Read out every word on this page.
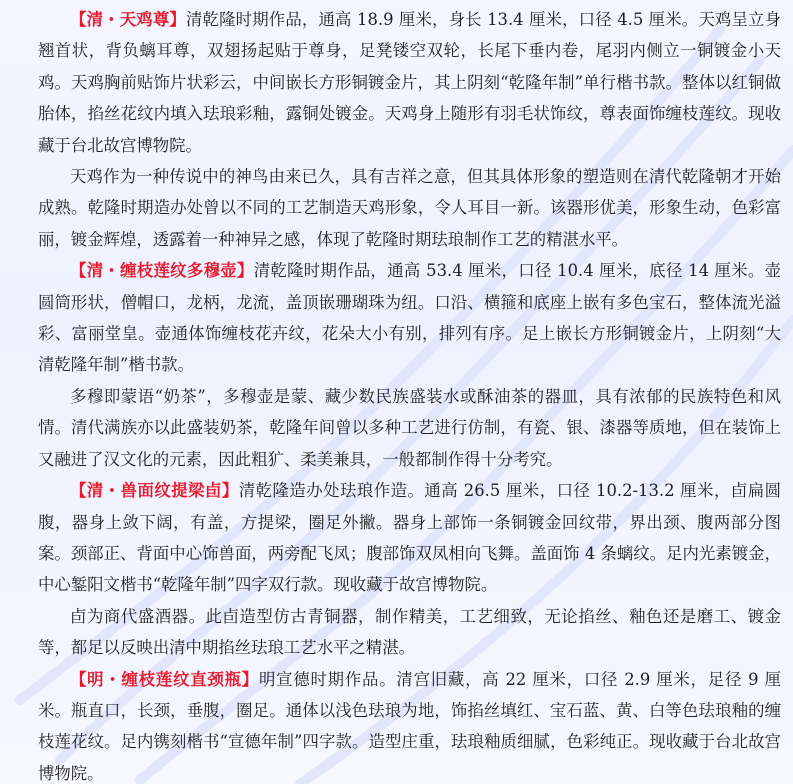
【清・天鸡尊】清乾隆时期作品，通高 18.9 厘米，身长 13.4 厘米，口径 4.5 厘米。天鸡呈立身翘首状，背负螭耳尊，双翅扬起贴于尊身，足凳镂空双轮，长尾下垂内卷，尾羽内侧立一铜镀金小天鸡。天鸡胸前贴饰片状彩云，中间嵌长方形铜镀金片，其上阴刻“乾隆年制”单行楷书款。整体以红铜做胎体，掐丝花纹内填入珐琅彩釉，露铜处镀金。天鸡身上随形有羽毛状饰纹，尊表面饰缠枝莲纹。现收藏于台北故宫博物院。

天鸡作为一种传说中的神鸟由来已久，具有吉祥之意，但其具体形象的塑造则在清代乾隆朝才开始成熟。乾隆时期造办处曾以不同的工艺制造天鸡形象，令人耳目一新。该器形优美，形象生动，色彩富丽，镀金辉煌，透露着一种神异之感，体现了乾隆时期珐琅制作工艺的精湛水平。

【清・缠枝莲纹多穆壶】清乾隆时期作品，通高 53.4 厘米，口径 10.4 厘米，底径 14 厘米。壶圆筒形状，僧帽口，龙柄，龙流，盖顶嵌珊瑚珠为纽。口沿、横箍和底座上嵌有多色宝石，整体流光溢彩、富丽堂皇。壶通体饰缠枝花卉纹，花朵大小有别，排列有序。足上嵌长方形铜镀金片，上阴刻“大清乾隆年制”楷书款。

多穆即蒙语“奶茶”，多穆壶是蒙、藏少数民族盛装水或酥油茶的器皿，具有浓郁的民族特色和风情。清代满族亦以此盛装奶茶，乾隆年间曾以多种工艺进行仿制，有瓷、银、漆器等质地，但在装饰上又融进了汉文化的元素，因此粗犷、柔美兼具，一般都制作得十分考究。

【清・兽面纹提梁卣】清乾隆造办处珐琅作造。通高 26.5 厘米，口径 10.2-13.2 厘米，卣扁圆腹，器身上敛下阔，有盖，方提梁，圈足外撇。器身上部饰一条铜镀金回纹带，界出颈、腹两部分图案。颈部正、背面中心饰兽面，两旁配飞凤；腹部饰双凤相向飞舞。盖面饰 4 条螭纹。足内光素镀金，中心錾阳文楷书“乾隆年制”四字双行款。现收藏于故宫博物院。

卣为商代盛酒器。此卣造型仿古青铜器，制作精美，工艺细致，无论掐丝、釉色还是磨工、镀金等，都足以反映出清中期掐丝珐琅工艺水平之精湛。

【明・缠枝莲纹直颈瓶】明宣德时期作品。清宫旧藏，高 22 厘米，口径 2.9 厘米，足径 9 厘米。瓶直口，长颈，垂腹，圈足。通体以浅色珐琅为地，饰掐丝填红、宝石蓝、黄、白等色珐琅釉的缠枝莲花纹。足内镌刻楷书“宣德年制”四字款。造型庄重，珐琅釉质细腻，色彩纯正。现收藏于台北故宫博物院。
